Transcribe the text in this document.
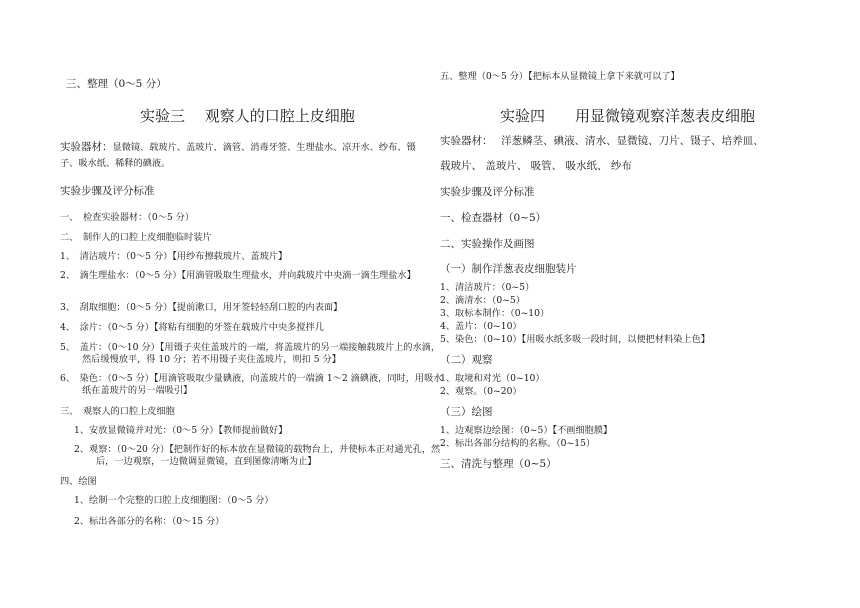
三、整理（0～5 分）
实验三　 观察人的口腔上皮细胞
实验器材：显微镜、载玻片、盖玻片、滴管、消毒牙签、生理盐水、凉开水、纱布、镊子、吸水纸、稀释的碘液。
实验步骤及评分标准
一、　检查实验器材：（0～5 分）
二、　制作人的口腔上皮细胞临时装片
1、　清洁玻片：（0～5 分）【用纱布擦载玻片、盖玻片】
2、　滴生理盐水：（0～5 分）【用滴管吸取生理盐水，并向载玻片中央滴一滴生理盐水】
3、　刮取细胞：（0～5 分）【提前漱口，用牙签轻轻刮口腔的内表面】
4、　涂片：（0～5 分）【将粘有细胞的牙签在载玻片中央多搅拌几
5、　盖片：（0～10 分）【用镊子夹住盖玻片的一端，将盖玻片的另一端接触载玻片上的水滴，然后缓慢放平，得 10 分；若不用镊子夹住盖玻片，则扣 5 分】
6、　染色：（0～5 分）【用滴管吸取少量碘液，向盖玻片的一端滴 1～2 滴碘液，同时，用吸水纸在盖玻片的另一端吸引】
三、　观察人的口腔上皮细胞
1、安放显微镜并对光：（0～5 分）【教师提前做好】
2、观察：（0～20 分）【把制作好的标本放在显微镜的载物台上，并使标本正对通光孔，然后，一边观察，一边微调显微镜，直到图像清晰为止】
四、绘图
1、绘制一个完整的口腔上皮细胞图：（0～5 分）
2、标出各部分的名称：（0～15 分）
五、整理（0～5 分）【把标本从显微镜上拿下来就可以了】
实验四　　用显微镜观察洋葱表皮细胞
实验器材：　 洋葱鳞茎、碘液、清水、显微镜、刀片、镊子、培养皿、
载玻片、 盖玻片、 吸管、 吸水纸、 纱布
实验步骤及评分标准
一、检查器材（0~5）
二、实验操作及画图
（一）制作洋葱表皮细胞装片
1、清洁玻片：（0~5）
2、滴清水：（0~5）
3、取标本制作：（0~10）
4、盖片：（0~10）
5、染色：（0~10）【用吸水纸多吸一段时间，以便把材料染上色】
（二）观察
1、取境和对光（0~10）
2、观察。（0~20）
（三）绘图
1、边观察边绘图：（0~5）【不画细胞膜】
2、标出各部分结构的名称。（0~15）
三、清洗与整理（0~5）
